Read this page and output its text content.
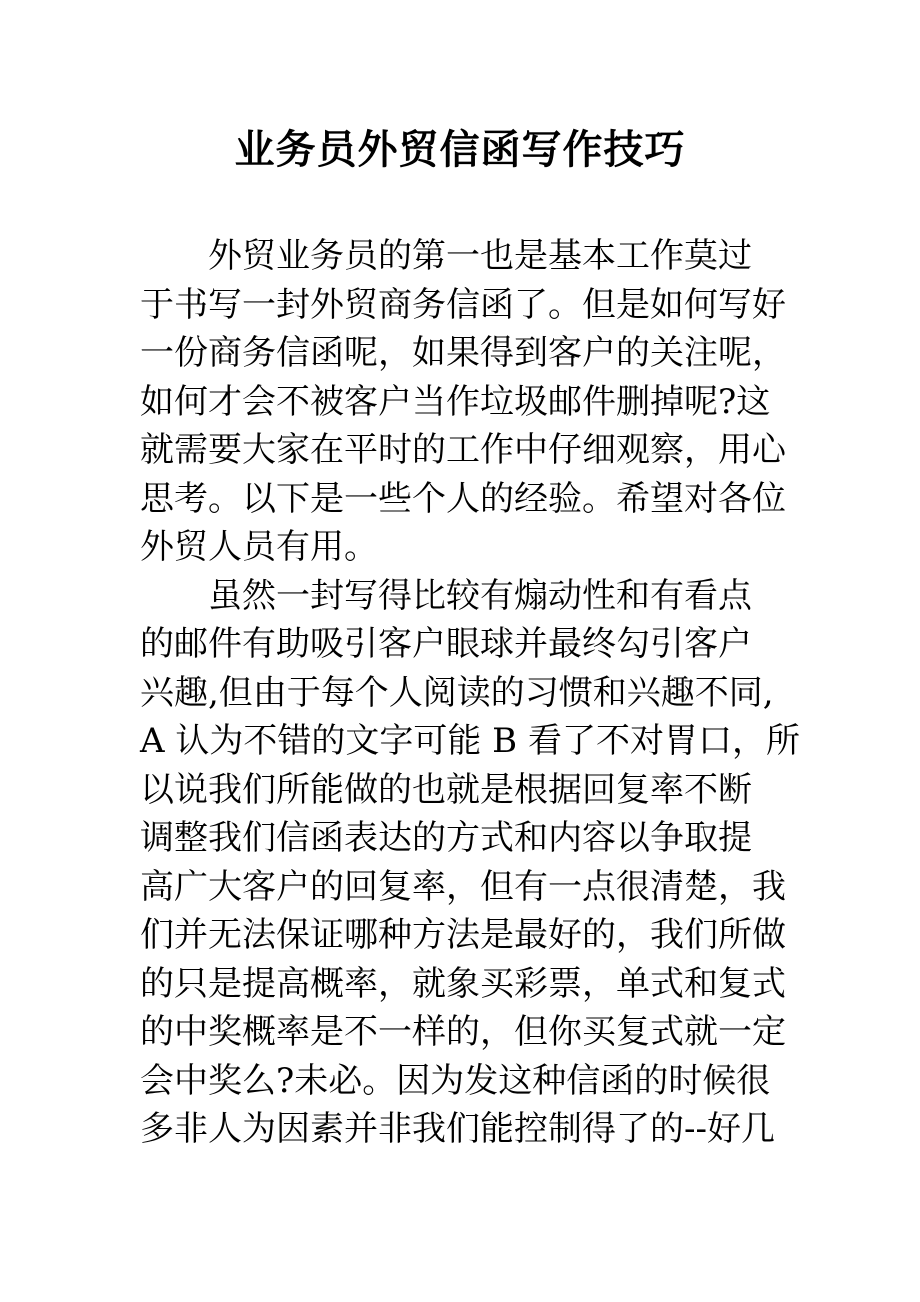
业务员外贸信函写作技巧
外贸业务员的第一也是基本工作莫过
于书写一封外贸商务信函了。但是如何写好
一份商务信函呢，如果得到客户的关注呢，
如何才会不被客户当作垃圾邮件删掉呢?这
就需要大家在平时的工作中仔细观察，用心
思考。以下是一些个人的经验。希望对各位
外贸人员有用。
虽然一封写得比较有煽动性和有看点
的邮件有助吸引客户眼球并最终勾引客户
兴趣,但由于每个人阅读的习惯和兴趣不同,
A 认为不错的文字可能 B 看了不对胃口，所
以说我们所能做的也就是根据回复率不断
调整我们信函表达的方式和内容以争取提
高广大客户的回复率，但有一点很清楚，我
们并无法保证哪种方法是最好的，我们所做
的只是提高概率，就象买彩票，单式和复式
的中奖概率是不一样的，但你买复式就一定
会中奖么?未必。因为发这种信函的时候很
多非人为因素并非我们能控制得了的--好几
